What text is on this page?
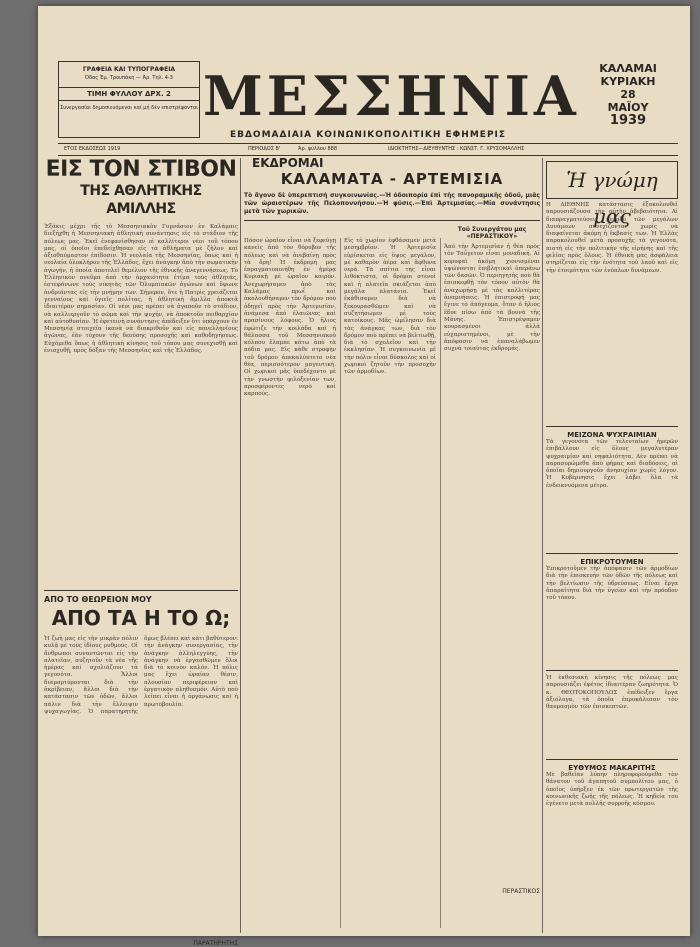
ΓΡΑΦΕΙΑ ΚΑΙ ΤΥΠΟΓΡΑΦΕΙΑ
Όδος Έμ. Τρουπάκη — Άρ. Τηλ. 4-3
ΤΙΜΗ ΦΥΛΛΟΥ ΔΡΧ. 2
Συνεργασίαι δημοσιευόμεναι καί μή δέν επιστρέφονται ΜΕΣΣΗΝΙΑ
ΕΒΔΟΜΑΔΙΑΙΑ ΚΟΙΝΩΝΙΚΟΠΟΛΙΤΙΚΗ ΕΦΗΜΕΡΙΣ
ΚΑΛΑΜΑΙ
ΚΥΡΙΑΚΗ
28
ΜΑΪΟΥ
1939
ΕΤΟΣ ΕΚΔΟΣΕΩΣ 1919	ΠΕΡΙΟΔΟΣ Β'	Άρ. φύλλου 888	ΙΔΙΟΚΤΗΤΗΣ—ΔΙΕΥΘΥΝΤΗΣ : ΚΩΝΣΤ. Γ. ΧΡΥΣΟΜΑΛΛΗΣ
ΕΙΣ ΤΟΝ ΣΤΙΒΟΝ
ΤΗΣ ΑΘΛΗΤΙΚΗΣ ΑΜΙΛΛΗΣ
Έξάκις μέχρι τῆς τὸ Μεσσηνιακὸν Γυμνάσιον ἐν Καλάμαις διεξήχθη ἡ Μεσσηνιακὴ ἀθλητικὴ συνάντησις εἰς τὸ στάδιον τῆς πόλεως μας. Ἐκεῖ ἐνεφανίσθησαν οἱ καλλίτεροι νέοι τοῦ τόπου μας, οἱ ὁποῖοι ἐπεδείχθησαν εἰς τὰ ἀθλήματα μὲ ζῆλον καὶ ἀξιοθαύμαστον ἐπίδοσιν. Ἡ νεολαία τῆς Μεσσηνίας, ὅπως καὶ ἡ νεολαία ὁλοκλήρου τῆς Ἑλλάδος, ἔχει ἀνάγκην ἀπὸ τὴν σωματικὴν ἀγωγήν, ἡ ὁποία ἀποτελεῖ θεμέλιον τῆς ἐθνικῆς ἀναγεννήσεως. Τὸ Ἑλληνικὸν πνεῦμα ἀπὸ τὴν ἀρχαιότητα ἐτίμα τοὺς ἀθλητάς, ἐστεφάνωνε τοὺς νικητὰς τῶν Ὀλυμπιακῶν ἀγώνων καὶ ὕψωνε ἀνδριάντας εἰς τὴν μνήμην των. Σήμερον, ὅτε ἡ Πατρὶς χρειάζεται γενναίους καὶ ὑγιεῖς πολίτας, ἡ ἀθλητικὴ ἅμιλλα ἀποκτᾶ ἰδιαιτέραν σημασίαν. Οἱ νέοι μας πρέπει νὰ ἀγαποῦν τὸ στάδιον, νὰ καλλιεργοῦν τὸ σῶμα καὶ τὴν ψυχήν, νὰ ἀποκτοῦν πειθαρχίαν καὶ αὐτοθυσίαν. Ἡ ἐφετεινὴ συνάντησις ἀπέδειξεν ὅτι ὑπάρχουν ἐν Μεσσηνίᾳ στοιχεῖα ἱκανὰ νὰ διακριθοῦν καὶ εἰς πανελληνίους ἀγῶνας, ἐὰν τύχουν τῆς δεούσης προσοχῆς καὶ καθοδηγήσεως. Εὐχόμεθα ὅπως ἡ ἀθλητικὴ κίνησις τοῦ τόπου μας συνεχισθῇ καὶ ἐνισχυθῇ, πρὸς δόξαν τῆς Μεσσηνίας καὶ τῆς Ἑλλάδος.
ΑΠΟ ΤΟ ΘΕΩΡΕΙΟΝ ΜΟΥ
ΑΠΟ ΤΑ Η ΤΟ Ω;
Ἡ ζωὴ μας εἰς τὴν μικρὰν πόλιν κυλᾷ μὲ τοὺς ἰδίους ρυθμούς. Οἱ ἄνθρωποι συναντῶνται εἰς τὴν πλατεῖαν, συζητοῦν τὰ νέα τῆς ἡμέρας καὶ σχολιάζουν τὰ γεγονότα. Ἄλλοι διαμαρτύρονται διὰ τὴν ἀκρίβειαν, ἄλλοι διὰ τὴν κατάστασιν τῶν ὁδῶν, ἄλλοι πάλιν διὰ τὴν ἔλλειψιν ψυχαγωγίας. Ὁ παρατηρητὴς ὅμως βλέπει καὶ κάτι βαθύτερον: τὴν ἀνάγκην συνεργασίας, τὴν ἀνάγκην ἀλληλεγγύης, τὴν ἀνάγκην νὰ ἐργασθῶμεν ὅλοι διὰ τὸ κοινὸν καλόν. Ἡ πόλις μας ἔχει ὡραίαν θέσιν, πλουσίαν περιφέρειαν καὶ ἐργατικὸν πληθυσμόν. Αὐτὸ ποὺ λείπει εἶναι ἡ ὀργάνωσις καὶ ἡ πρωτοβουλία.
ΠΑΡΑΤΗΡΗΤΗΣ
ΕΚΔΡΟΜΑΙ
ΚΑΛΑΜΑΤΑ - ΑΡΤΕΜΙΣΙΑ
Τὸ ἄγονο δὲ ὑπερεπτισή συγκοινωνίας.—Ἡ ὁδοιπορία ἐπὶ τῆς πανοραμικῆς ὁδοῦ, μιᾶς τῶν ὡραιοτέρων τῆς Πελοποννήσου.—Ἡ φύσις.—Ἐπὶ Ἀρτεμισίας.—Μία συνάντησις μετὰ τῶν χωρικῶν.
Πόσον ὡραῖον εἶναι νὰ ξεφεύγῃ κανεὶς ἀπὸ τὸν θόρυβον τῆς πόλεως καὶ νὰ ἀνεβαίνῃ πρὸς τὰ ὄρη! Ἡ ἐκδρομή μας ἐπραγματοποιήθη ἐν ἡμέρᾳ Κυριακῇ μὲ ὡραῖον καιρόν. Ἀνεχωρήσαμεν ἀπὸ τὰς Καλάμας πρωΐ καὶ ἀκολουθήσαμεν τὸν δρόμον ποὺ ὁδηγεῖ πρὸς τὴν Ἀρτεμισίαν, ἀνάμεσα ἀπὸ ἐλαιῶνας καὶ πρασίνους λόφους. Ὁ ἥλιος ἐφώτιζε τὴν κοιλάδα καὶ ἡ θάλασσα τοῦ Μεσσηνιακοῦ κόλπου ἔλαμπε κάτω ἀπὸ τὰ πόδια μας. Εἰς κάθε στροφὴν τοῦ δρόμου ἀπεκαλύπτετο νέα θέα, περισσότερον μαγευτική. Οἱ χωρικοὶ μᾶς ὑπεδέχοντο μὲ τὴν γνωστὴν φιλοξενίαν των, προσφέροντες νερὸ καὶ καρπούς.
Εἰς τὸ χωρίον ἐφθάσαμεν μετὰ μεσημβρίαν. Ἡ Ἀρτεμισία εὑρίσκεται εἰς ὕψος μεγάλον, μὲ καθαρὸν ἀέρα καὶ ἄφθονα νερά. Τὰ σπίτια της εἶναι λιθόκτιστα, οἱ δρόμοι στενοὶ καὶ ἡ πλατεῖα σκιάζεται ἀπὸ μεγάλα πλατάνια. Ἐκεῖ ἐκάθισαμεν διὰ νὰ ξεκουρασθῶμεν καὶ νὰ συζητήσωμεν μὲ τοὺς κατοίκους. Μᾶς ὡμίλησαν διὰ τὰς ἀνάγκας των, διὰ τὸν δρόμον ποὺ πρέπει νὰ βελτιωθῇ, διὰ τὸ σχολεῖον καὶ τὴν ἐκκλησίαν. Ἡ συγκοινωνία μὲ τὴν πόλιν εἶναι δύσκολος καὶ οἱ χωρικοὶ ζητοῦν τὴν προσοχὴν τῶν ἁρμοδίων.
Τοῦ Συνεργάτου μας «ΠΕΡΑΣΤΙΚΟΥ»
Ἀπὸ τὴν Ἀρτεμισίαν ἡ θέα πρὸς τὸν Ταΰγετον εἶναι μοναδική. Αἱ κορυφαὶ ἀκόμη χιονισμέναι ὑψώνονται ἐπιβλητικαὶ ὑπεράνω τῶν δασῶν. Ὁ περιηγητὴς ποὺ θὰ ἐπισκεφθῇ τὸν τόπον αὐτὸν θὰ ἀναχωρήσῃ μὲ τὰς καλλιτέρας ἀναμνήσεις. Ἡ ἐπιστροφή μας ἔγινε τὸ ἀπόγευμα, ὅταν ὁ ἥλιος ἔδυε πίσω ἀπὸ τὰ βουνὰ τῆς Μάνης. Ἐπιστρέψαμεν κουρασμένοι ἀλλὰ εὐχαριστημένοι, μὲ τὴν ἀπόφασιν νὰ ἐπαναλάβωμεν συχνὰ τοιαύτας ἐκδρομάς.
ΠΕΡΑΣΤΙΚΟΣ
Ἡ γνώμη μας
Η ΔΙΕΘΝΗΣ κατάστασις ἐξακολουθεῖ παρουσιάζουσα τὴν αὐτὴν ἀβεβαιότητα. Αἱ διαπραγματεύσεις μεταξὺ τῶν μεγάλων Δυνάμεων συνεχίζονται χωρὶς νὰ διαφαίνεται ἀκόμη ἡ ἔκβασίς των. Ἡ Ἑλλὰς παρακολουθεῖ μετὰ προσοχῆς τὰ γεγονότα, πιστὴ εἰς τὴν πολιτικὴν τῆς εἰρήνης καὶ τῆς φιλίας πρὸς ὅλους. Ἡ ἐθνικὴ μας ἀσφάλεια στηρίζεται εἰς τὴν ἑνότητα τοῦ λαοῦ καὶ εἰς τὴν ἑτοιμότητα τῶν ἐνόπλων δυνάμεων.
ΜΕΙΖΟΝΑ ΨΥΧΡΑΙΜΙΑΝ
Τὰ γεγονότα τῶν τελευταίων ἡμερῶν ἐπιβάλλουν εἰς ὅλους μεγαλυτέραν ψυχραιμίαν καὶ νηφαλιότητα. Δὲν πρέπει νὰ παρασυρώμεθα ἀπὸ φήμας καὶ διαδόσεις, αἱ ὁποῖαι δημιουργοῦν ἀνησυχίαν χωρὶς λόγον. Ἡ Κυβέρνησις ἔχει λάβει ὅλα τὰ ἐνδεικνυόμενα μέτρα.
ΕΠΙΚΡΟΤΟΥΜΕΝ
Ἐπικροτοῦμεν τὴν ἀπόφασιν τῶν ἁρμοδίων διὰ τὴν ἐπισκευὴν τῶν ὁδῶν τῆς πόλεως καὶ τὴν βελτίωσιν τῆς ὑδρεύσεως. Εἶναι ἔργα ἀπαραίτητα διὰ τὴν ὑγείαν καὶ τὴν πρόοδον τοῦ τόπου.
Ἡ ἐκθεσιακὴ κίνησις τῆς πόλεως μας παρουσιάζει ἐφέτος ἰδιαιτέραν ζωηρότητα. Ὁ κ. ΘΕΟΤΟΚΟΠΟΥΛΟΣ ἐπέδειξεν ἔργα ἀξιόλογα, τὰ ὁποῖα ἐπροκάλεσαν τὸν θαυμασμὸν τῶν ἐπισκεπτῶν.
ΕΥΘΥΜΟΣ ΜΑΚΑΡΙΤΗΣ
Μὲ βαθεῖαν λύπην πληροφορούμεθα τὸν θάνατον τοῦ ἀγαπητοῦ συμπολίτου μας, ὁ ὁποῖος ὑπῆρξεν ἐκ τῶν πρωτεργατῶν τῆς κοινωνικῆς ζωῆς τῆς πόλεως. Ἡ κηδεία του ἐγένετο μετὰ πολλῆς συρροῆς κόσμου.
